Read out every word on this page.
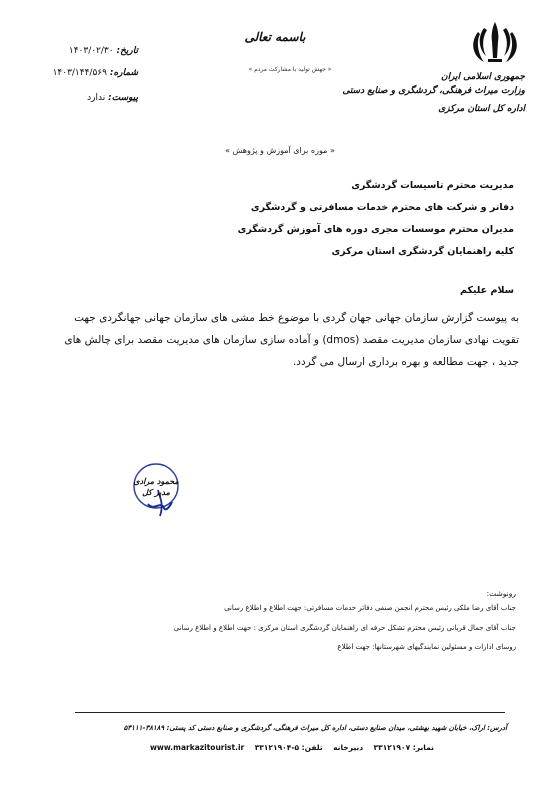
جمهوری اسلامی ایران
وزارت میراث فرهنگی، گردشگری و صنایع دستی
اداره کل استان مرکزی
باسمه تعالی
« جهش تولید با مشارکت مردم »
تاریخ: ۱۴۰۳/۰۲/۳۰
شماره: ۱۴۰۳/۱۴۴/۵۶۹
پیوست: ندارد
« موزه برای آموزش و پژوهش »
مدیریت محترم تاسیسات گردشگری
دفاتر و شرکت های محترم خدمات مسافرتی و گردشگری
مدیران محترم موسسات مجری دوره های آموزش گردشگری
کلیه راهنمایان گردشگری استان مرکزی
سلام علیکم
به پیوست گزارش سازمان جهانی جهان گردی با موضوع خط مشی های سازمان جهانی جهانگردی جهت تقویت نهادی سازمان مدیریت مقصد (dmos) و آماده سازی سازمان های مدیریت مقصد برای چالش های جدید ، جهت مطالعه و بهره برداری ارسال می گردد.
محمود مرادی
مدیر کل
رونوشت:
جناب آقای رضا ملکی رئیس محترم انجمن صنفی دفاتر خدمات مسافرتی: جهت اطلاع و اطلاع رسانی
جناب آقای جمال قربانی رئیس محترم تشکل حرفه ای راهنمایان گردشگری استان مرکزی : جهت اطلاع و اطلاع رسانی
روسای ادارات و مسئولین نمایندگیهای شهرستانها: جهت اطلاع
آدرس: اراک، خیابان شهید بهشتی، میدان صنایع دستی، اداره کل میراث فرهنگی، گردشگری و صنایع دستی کد پستی: ۳۸۱۸۹-۵۳۱۱۱
www.markazitourist.ir	نمابر: ۳۳۱۲۱۹۰۷    دبیرخانه    تلفن: ۵-۳۳۱۲۱۹۰۴
